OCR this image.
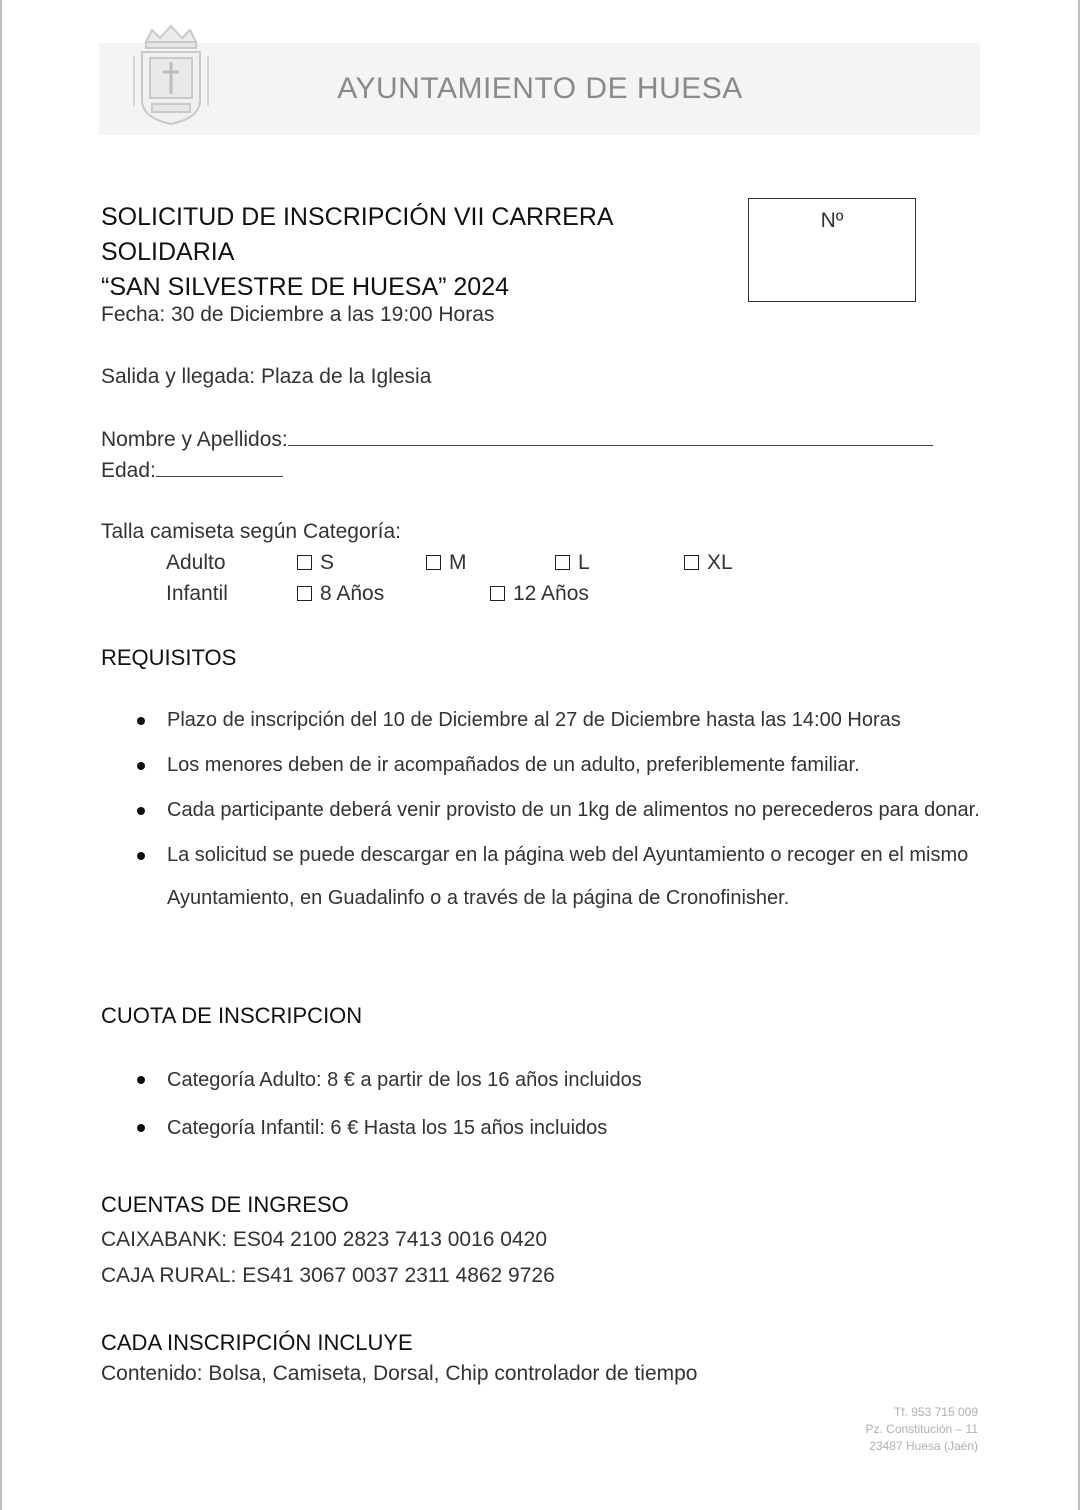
AYUNTAMIENTO DE HUESA
SOLICITUD DE INSCRIPCIÓN VII CARRERA SOLIDARIA
“SAN SILVESTRE DE HUESA” 2024
Nº
Fecha: 30 de Diciembre a las 19:00 Horas
Salida y llegada: Plaza de la Iglesia
Nombre y Apellidos:
Edad:
Talla camiseta según Categoría:
Adulto	S	M	L	XL
Infantil	8 Años	12 Años
REQUISITOS
Plazo de inscripción del 10 de Diciembre al 27 de Diciembre hasta las 14:00 Horas
Los menores deben de ir acompañados de un adulto, preferiblemente familiar.
Cada participante deberá venir provisto de un 1kg de alimentos no perecederos para donar.
La solicitud se puede descargar en la página web del Ayuntamiento o recoger en el mismo Ayuntamiento, en Guadalinfo o a través de la página de Cronofinisher.
CUOTA DE INSCRIPCION
Categoría Adulto: 8 € a partir de los 16 años incluidos
Categoría Infantil: 6 € Hasta los 15 años incluidos
CUENTAS DE INGRESO
CAIXABANK: ES04 2100 2823 7413 0016 0420
CAJA RURAL: ES41 3067 0037 2311 4862 9726
CADA INSCRIPCIÓN INCLUYE
Contenido: Bolsa, Camiseta, Dorsal, Chip controlador de tiempo
Tf. 953 715 009
Pz. Constitución – 11
23487 Huesa (Jaén)
